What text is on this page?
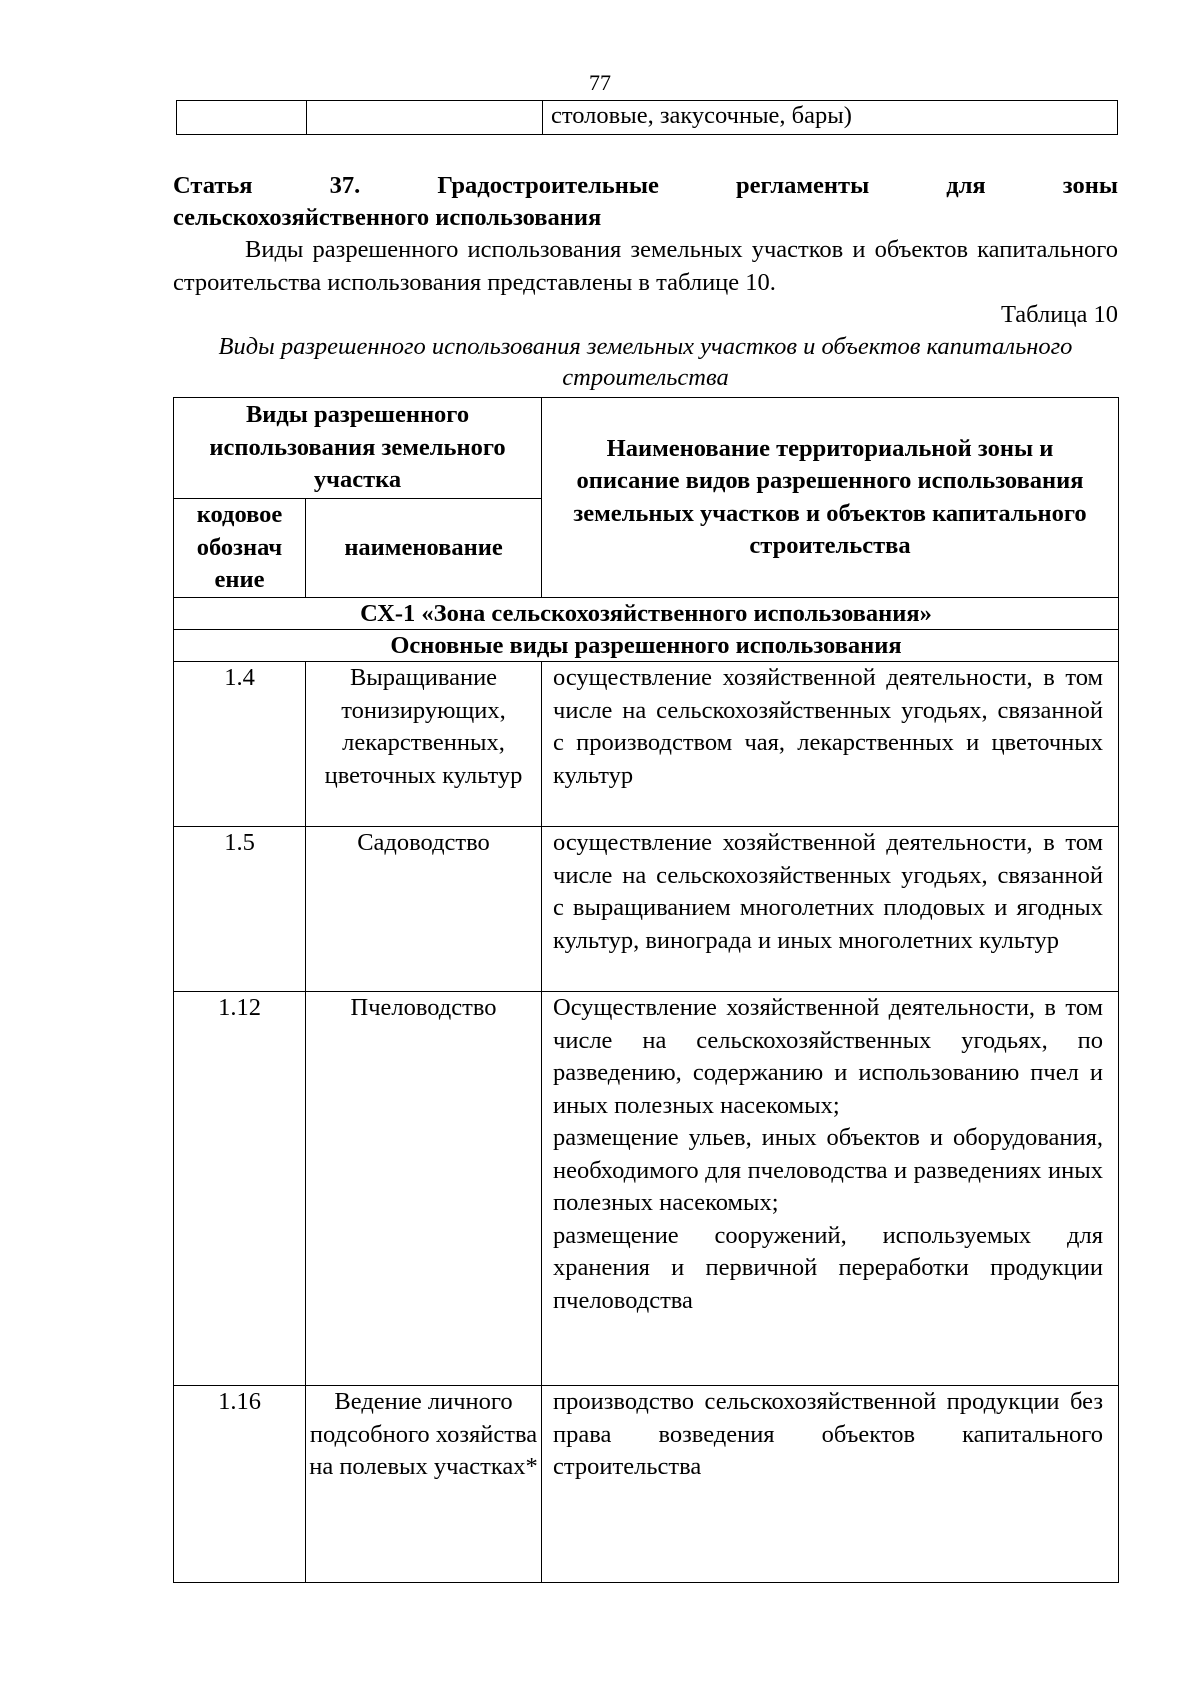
77
		столовые, закусочные, бары)
Статья	37.	Градостроительные	регламенты	для	зоны
сельскохозяйственного использования
Виды разрешенного использования земельных участков и объектов капитального строительства использования представлены в таблице 10.
Таблица 10
Виды разрешенного использования земельных участков и объектов капитального строительства
Виды разрешенного использования земельного участка		Наименование территориальной зоны и описание видов разрешенного использования земельных участков и объектов капитального строительства
кодовое обознач ение	наименование	
СХ-1 «Зона сельскохозяйственного использования»		
Основные виды разрешенного использования		
1.4	Выращивание тонизирующих, лекарственных, цветочных культур	осуществление хозяйственной деятельности, в том числе на сельскохозяйственных угодьях, связанной с производством чая, лекарственных и цветочных культур

1.5	Садоводство	осуществление хозяйственной деятельности, в том числе на сельскохозяйственных угодьях, связанной с выращиванием многолетних плодовых и ягодных культур, винограда и иных многолетних культур

1.12	Пчеловодство	Осуществление хозяйственной деятельности, в том числе на сельскохозяйственных угодьях, по разведению, содержанию и использованию пчел и иных полезных насекомых;

размещение ульев, иных объектов и оборудования, необходимого для пчеловодства и разведениях иных полезных насекомых;

размещение сооружений, используемых для хранения и первичной переработки продукции пчеловодства

1.16	Ведение личного подсобного хозяйства на полевых участках*	производство сельскохозяйственной продукции без права возведения объектов капитального строительства
